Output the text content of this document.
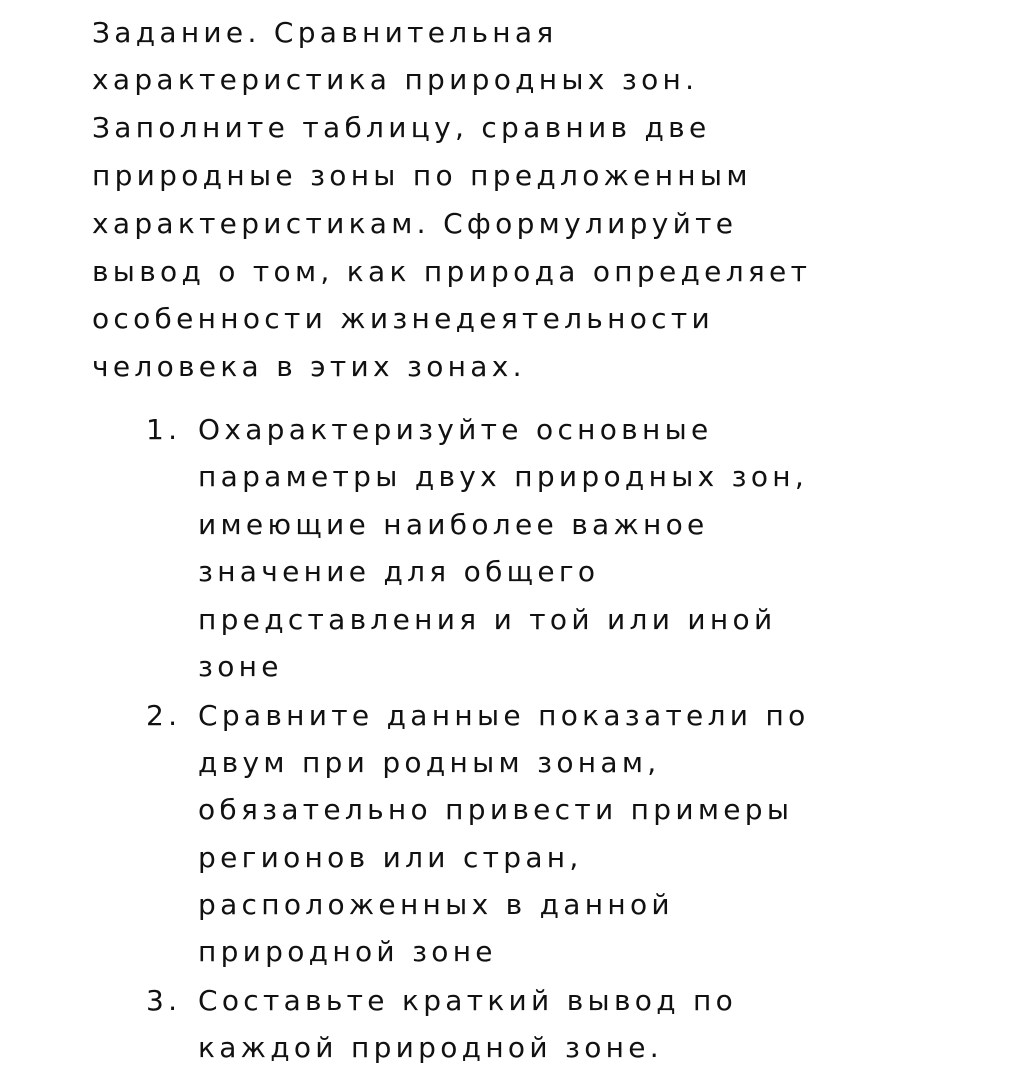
Задание. Сравнительная

характеристика природных зон.

Заполните таблицу, сравнив две

природные зоны по предложенным

характеристикам. Сформулируйте

вывод о том, как природа определяет

особенности жизнедеятельности

человека в этих зонах.

1. Охарактеризуйте основные

параметры двух природных зон,

имеющие наиболее важное

значение для общего

представления и той или иной

зоне

2. Сравните данные показатели по

двум при родным зонам,

обязательно привести примеры

регионов или стран,

расположенных в данной

природной зоне

3. Составьте краткий вывод по

каждой природной зоне.
